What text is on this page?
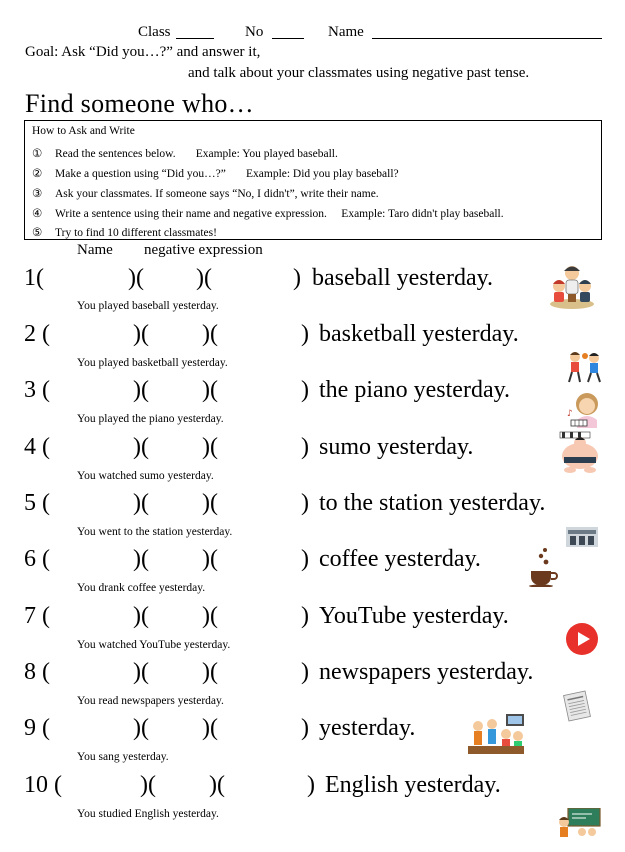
Class	No	Name
Goal: Ask “Did you…?” and answer it,
and talk about your classmates using negative past tense.
Find someone who…
How to Ask and Write
① Read the sentences below.       Example: You played baseball.
② Make a question using “Did you…?”       Example: Did you play baseball?
③ Ask your classmates. If someone says “No, I didn't”, write their name.
④ Write a sentence using their name and negative expression.     Example: Taro didn't play baseball.
⑤ Try to find 10 different classmates!
Name negative expression
1(	)( )(	) baseball yesterday.
You played baseball yesterday.
2 (	)( )(	) basketball yesterday.
You played basketball yesterday.
3 (	)( )(	) the piano yesterday.
You played the piano yesterday.
4 (	)( )(	) sumo yesterday.
You watched sumo yesterday.
5 (	)( )(	) to the station yesterday.
You went to the station yesterday.
6 (	)( )(	) coffee yesterday.
You drank coffee yesterday.
7 (	)( )(	) YouTube yesterday.
You watched YouTube yesterday.
8 (	)( )(	) newspapers yesterday.
You read newspapers yesterday.
9 (	)( )(	) yesterday.
You sang yesterday.
10 (	)( )(	) English yesterday.
You studied English yesterday.
♪
